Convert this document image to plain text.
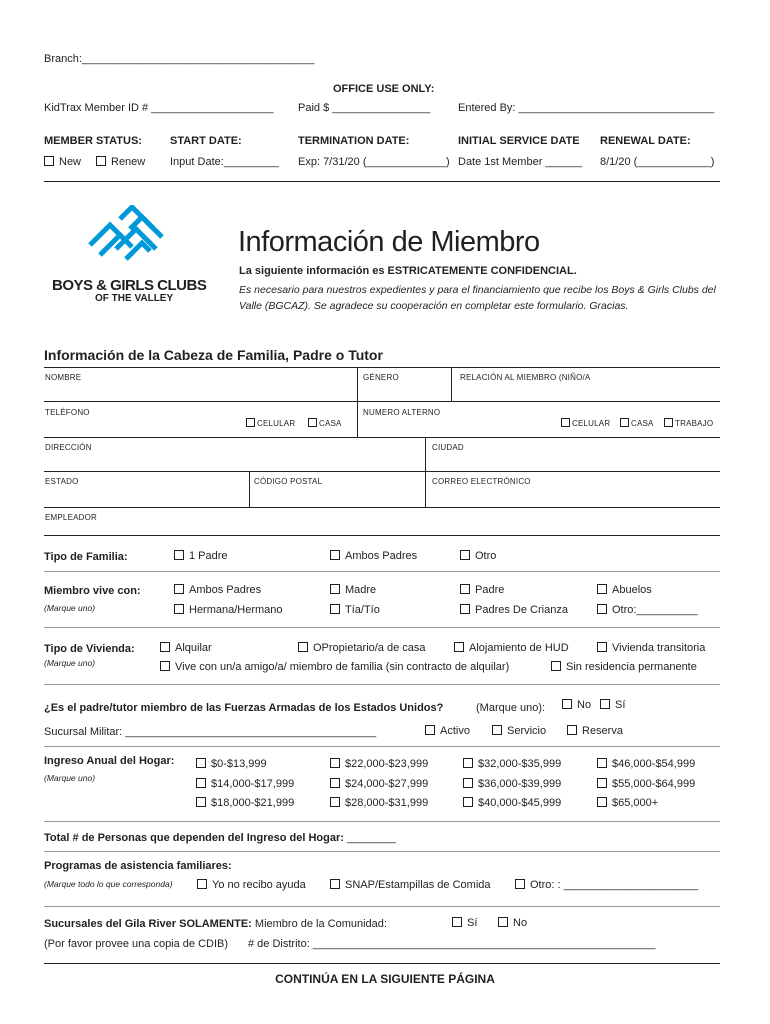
Branch:______________________________________
OFFICE USE ONLY:
KidTrax Member ID # ____________________ Paid $ ________________	Entered By: ________________________________
MEMBER STATUS:	START DATE:	TERMINATION DATE:	INITIAL SERVICE DATE RENEWAL DATE:
New	Renew Input Date:_________ Exp: 7/31/20 (_____________) Date 1st Member ______ 8/1/20 (____________)
BOYS & GIRLS CLUBS
OF THE VALLEY
Información de Miembro
La siguiente información es ESTRICATEMENTE CONFIDENCIAL.
Es necesario para nuestros expedientes y para el financiamiento que recibe los Boys & Girls Clubs del Valle (BGCAZ). Se agradece su cooperación en completar este formulario. Gracias.
Información de la Cabeza de Familia, Padre o Tutor
NOMBRE	GÉNERO	RELACIÓN AL MIEMBRO (NIÑO/A
TELÉFONO
CELULAR	CASA
NUMERO ALTERNO
CELULAR	CASA	TRABAJO
DIRECCIÓN	CIUDAD
ESTADO	CÓDIGO POSTAL	CORREO ELECTRÓNICO
EMPLEADOR
Tipo de Familia:	1 Padre	Ambos Padres	Otro
Miembro vive con:
(Marque uno)
Ambos Padres	Madre	Padre	Abuelos
Hermana/Hermano	Tía/Tío	Padres De Crianza	Otro:__________
Tipo de Vivienda:
(Marque uno)
Alquilar	OPropietario/a de casa	Alojamiento de HUD	Vivienda transitoria
Vive con un/a amigo/a/ miembro de familia (sin contracto de alquilar)	Sin residencia permanente
¿Es el padre/tutor miembro de las Fuerzas Armadas de los Estados Unidos?	(Marque uno):	No	Sí
Sucursal Militar: _________________________________________	Activo	Servicio	Reserva
Ingreso Anual del Hogar:
(Marque uno)
$0-$13,999	$22,000-$23,999	$32,000-$35,999	$46,000-$54,999
$14,000-$17,999	$24,000-$27,999	$36,000-$39,999	$55,000-$64,999
$18,000-$21,999	$28,000-$31,999	$40,000-$45,999	$65,000+
Total # de Personas que dependen del Ingreso del Hogar: ________
Programas de asistencia familiares:
(Marque todo lo que corresponda)	Yo no recibo ayuda	SNAP/Estampillas de Comida	Otro: : ______________________
Sucursales del Gila River SOLAMENTE: Miembro de la Comunidad:	Sí	No
(Por favor provee una copia de CDIB) # de Distrito: ________________________________________________________
CONTINÚA EN LA SIGUIENTE PÁGINA
